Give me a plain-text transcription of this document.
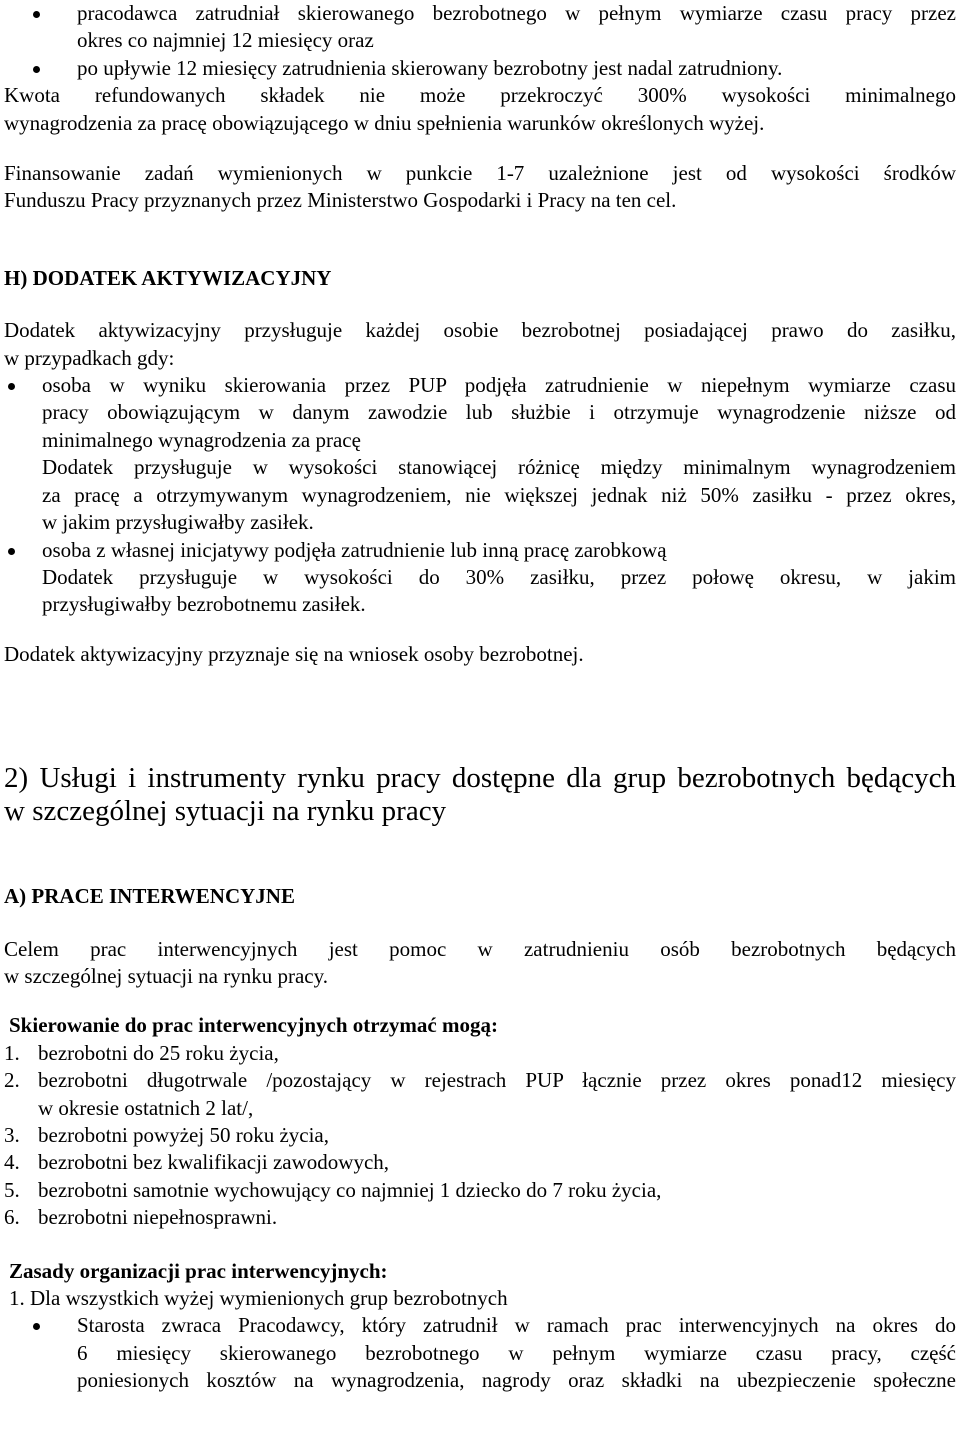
pracodawca zatrudniał skierowanego bezrobotnego w pełnym wymiarze czasu pracy przez
okres co najmniej 12 miesięcy oraz
po upływie 12 miesięcy zatrudnienia skierowany bezrobotny jest nadal zatrudniony.
Kwota refundowanych składek nie może przekroczyć 300% wysokości minimalnego
wynagrodzenia za pracę obowiązującego w dniu spełnienia warunków określonych wyżej.
Finansowanie zadań wymienionych w punkcie 1-7 uzależnione jest od wysokości środków
Funduszu Pracy przyznanych przez Ministerstwo Gospodarki i Pracy na ten cel.
H) DODATEK AKTYWIZACYJNY
Dodatek aktywizacyjny przysługuje każdej osobie bezrobotnej posiadającej prawo do zasiłku,
w przypadkach gdy:
osoba w wyniku skierowania przez PUP podjęła zatrudnienie w niepełnym wymiarze czasu
pracy obowiązującym w danym zawodzie lub służbie i otrzymuje wynagrodzenie niższe od
minimalnego wynagrodzenia za pracę
Dodatek przysługuje w wysokości stanowiącej różnicę między minimalnym wynagrodzeniem
za pracę a otrzymywanym wynagrodzeniem, nie większej jednak niż 50% zasiłku - przez okres,
w jakim przysługiwałby zasiłek.
osoba z własnej inicjatywy podjęła zatrudnienie lub inną pracę zarobkową
Dodatek przysługuje w wysokości do 30% zasiłku, przez połowę okresu, w jakim
przysługiwałby bezrobotnemu zasiłek.
Dodatek aktywizacyjny przyznaje się na wniosek osoby bezrobotnej.
2) Usługi i instrumenty rynku pracy dostępne dla grup bezrobotnych będących
w szczególnej sytuacji na rynku pracy
A) PRACE INTERWENCYJNE
Celem prac interwencyjnych jest pomoc w zatrudnieniu osób bezrobotnych będących
w szczególnej sytuacji na rynku pracy.
Skierowanie do prac interwencyjnych otrzymać mogą:
1. bezrobotni do 25 roku życia,
2. bezrobotni długotrwale /pozostający w rejestrach PUP łącznie przez okres ponad12 miesięcy
w okresie ostatnich 2 lat/,
3. bezrobotni powyżej 50 roku życia,
4. bezrobotni bez kwalifikacji zawodowych,
5. bezrobotni samotnie wychowujący co najmniej 1 dziecko do 7 roku życia,
6. bezrobotni niepełnosprawni.
Zasady organizacji prac interwencyjnych:
1. Dla wszystkich wyżej wymienionych grup bezrobotnych
Starosta zwraca Pracodawcy, który zatrudnił w ramach prac interwencyjnych na okres do
6 miesięcy skierowanego bezrobotnego w pełnym wymiarze czasu pracy, część
poniesionych kosztów na wynagrodzenia, nagrody oraz składki na ubezpieczenie społeczne
